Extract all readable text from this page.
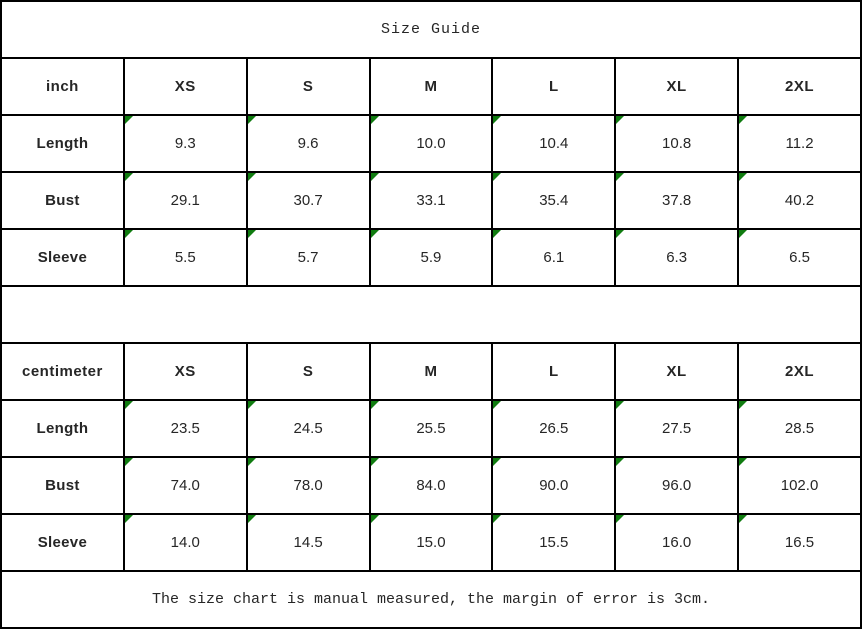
Size Guide						
inch	XS	S	M	L	XL	2XL
Length	9.3	9.6	10.0	10.4	10.8	11.2
Bust	29.1	30.7	33.1	35.4	37.8	40.2
Sleeve	5.5	5.7	5.9	6.1	6.3	6.5

centimeter	XS	S	M	L	XL	2XL
Length	23.5	24.5	25.5	26.5	27.5	28.5
Bust	74.0	78.0	84.0	90.0	96.0	102.0
Sleeve	14.0	14.5	15.0	15.5	16.0	16.5
The size chart is manual measured, the margin of error is 3cm.						
